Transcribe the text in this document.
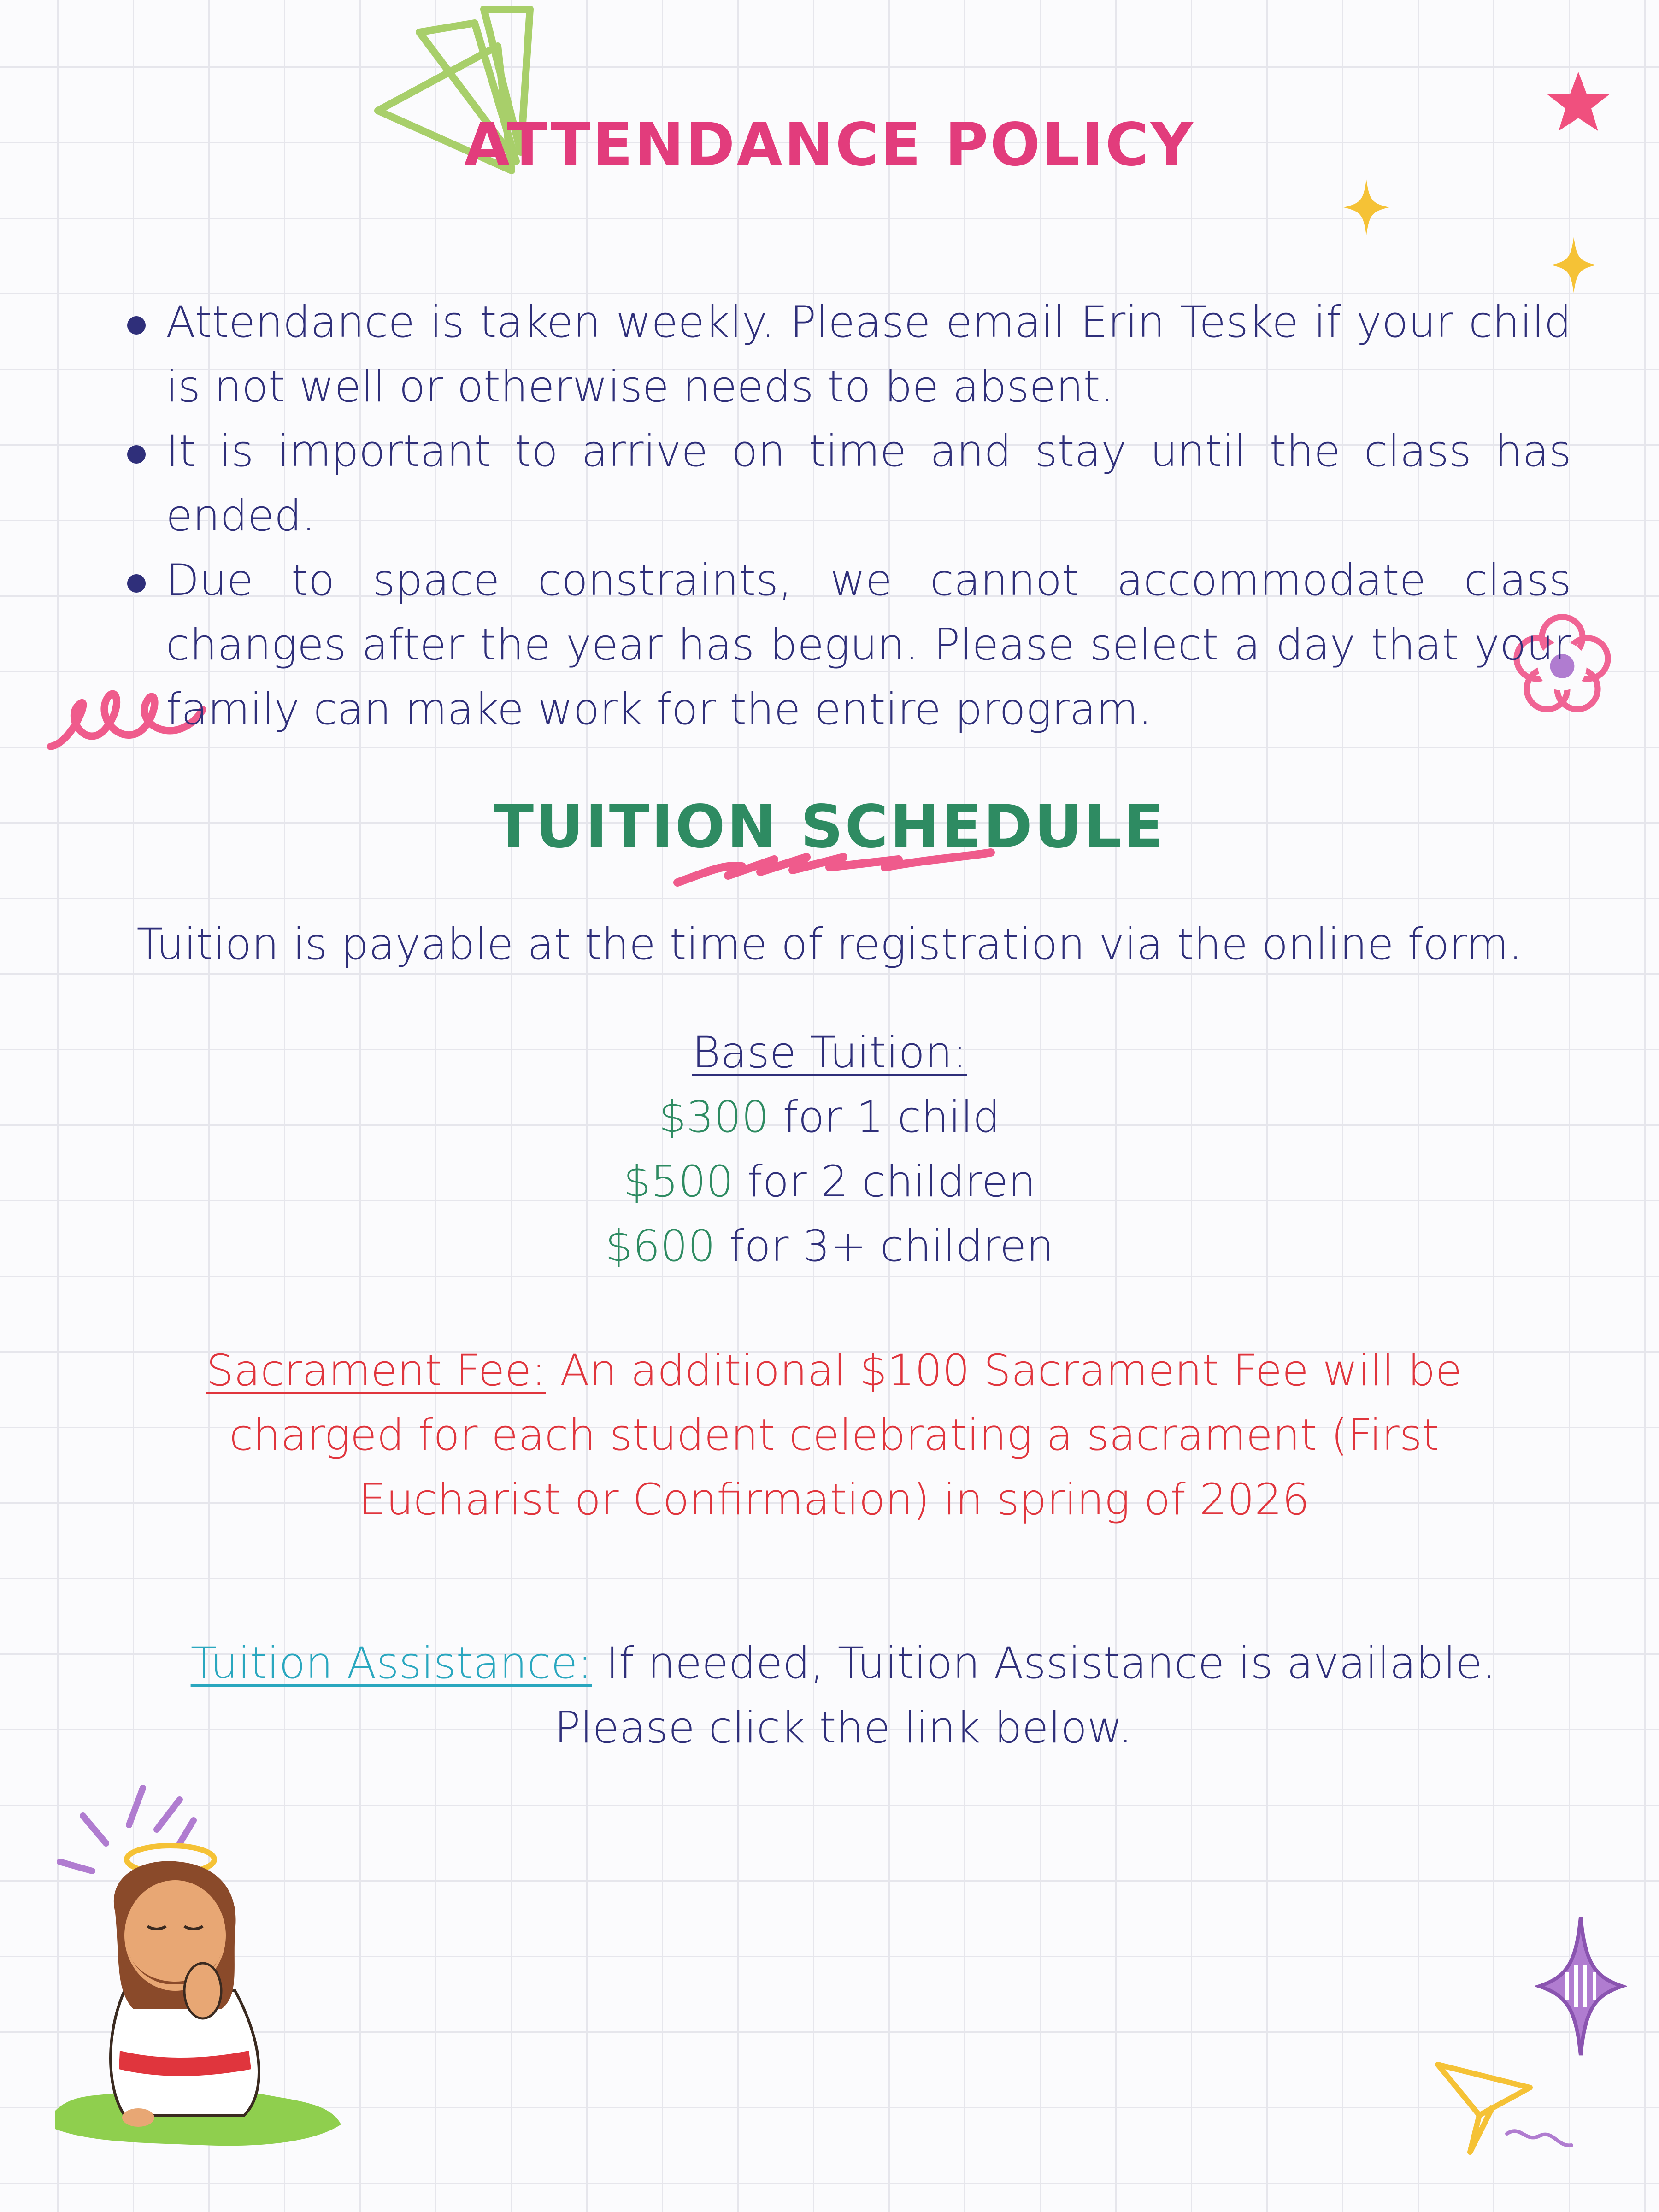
ATTENDANCE POLICY
Attendance is taken weekly. Please email Erin Teske if your child is not well or otherwise needs to be absent.
It is important to arrive on time and stay until the class has ended.
Due to space constraints, we cannot accommodate class changes after the year has begun. Please select a day that your family can make work for the entire program.
TUITION SCHEDULE
Tuition is payable at the time of registration via the online form.
Base Tuition:
$300 for 1 child
$500 for 2 children
$600 for 3+ children
Sacrament Fee: An additional $100 Sacrament Fee will be charged for each student celebrating a sacrament (First Eucharist or Confirmation) in spring of 2026
Tuition Assistance: If needed, Tuition Assistance is available. Please click the link below.
